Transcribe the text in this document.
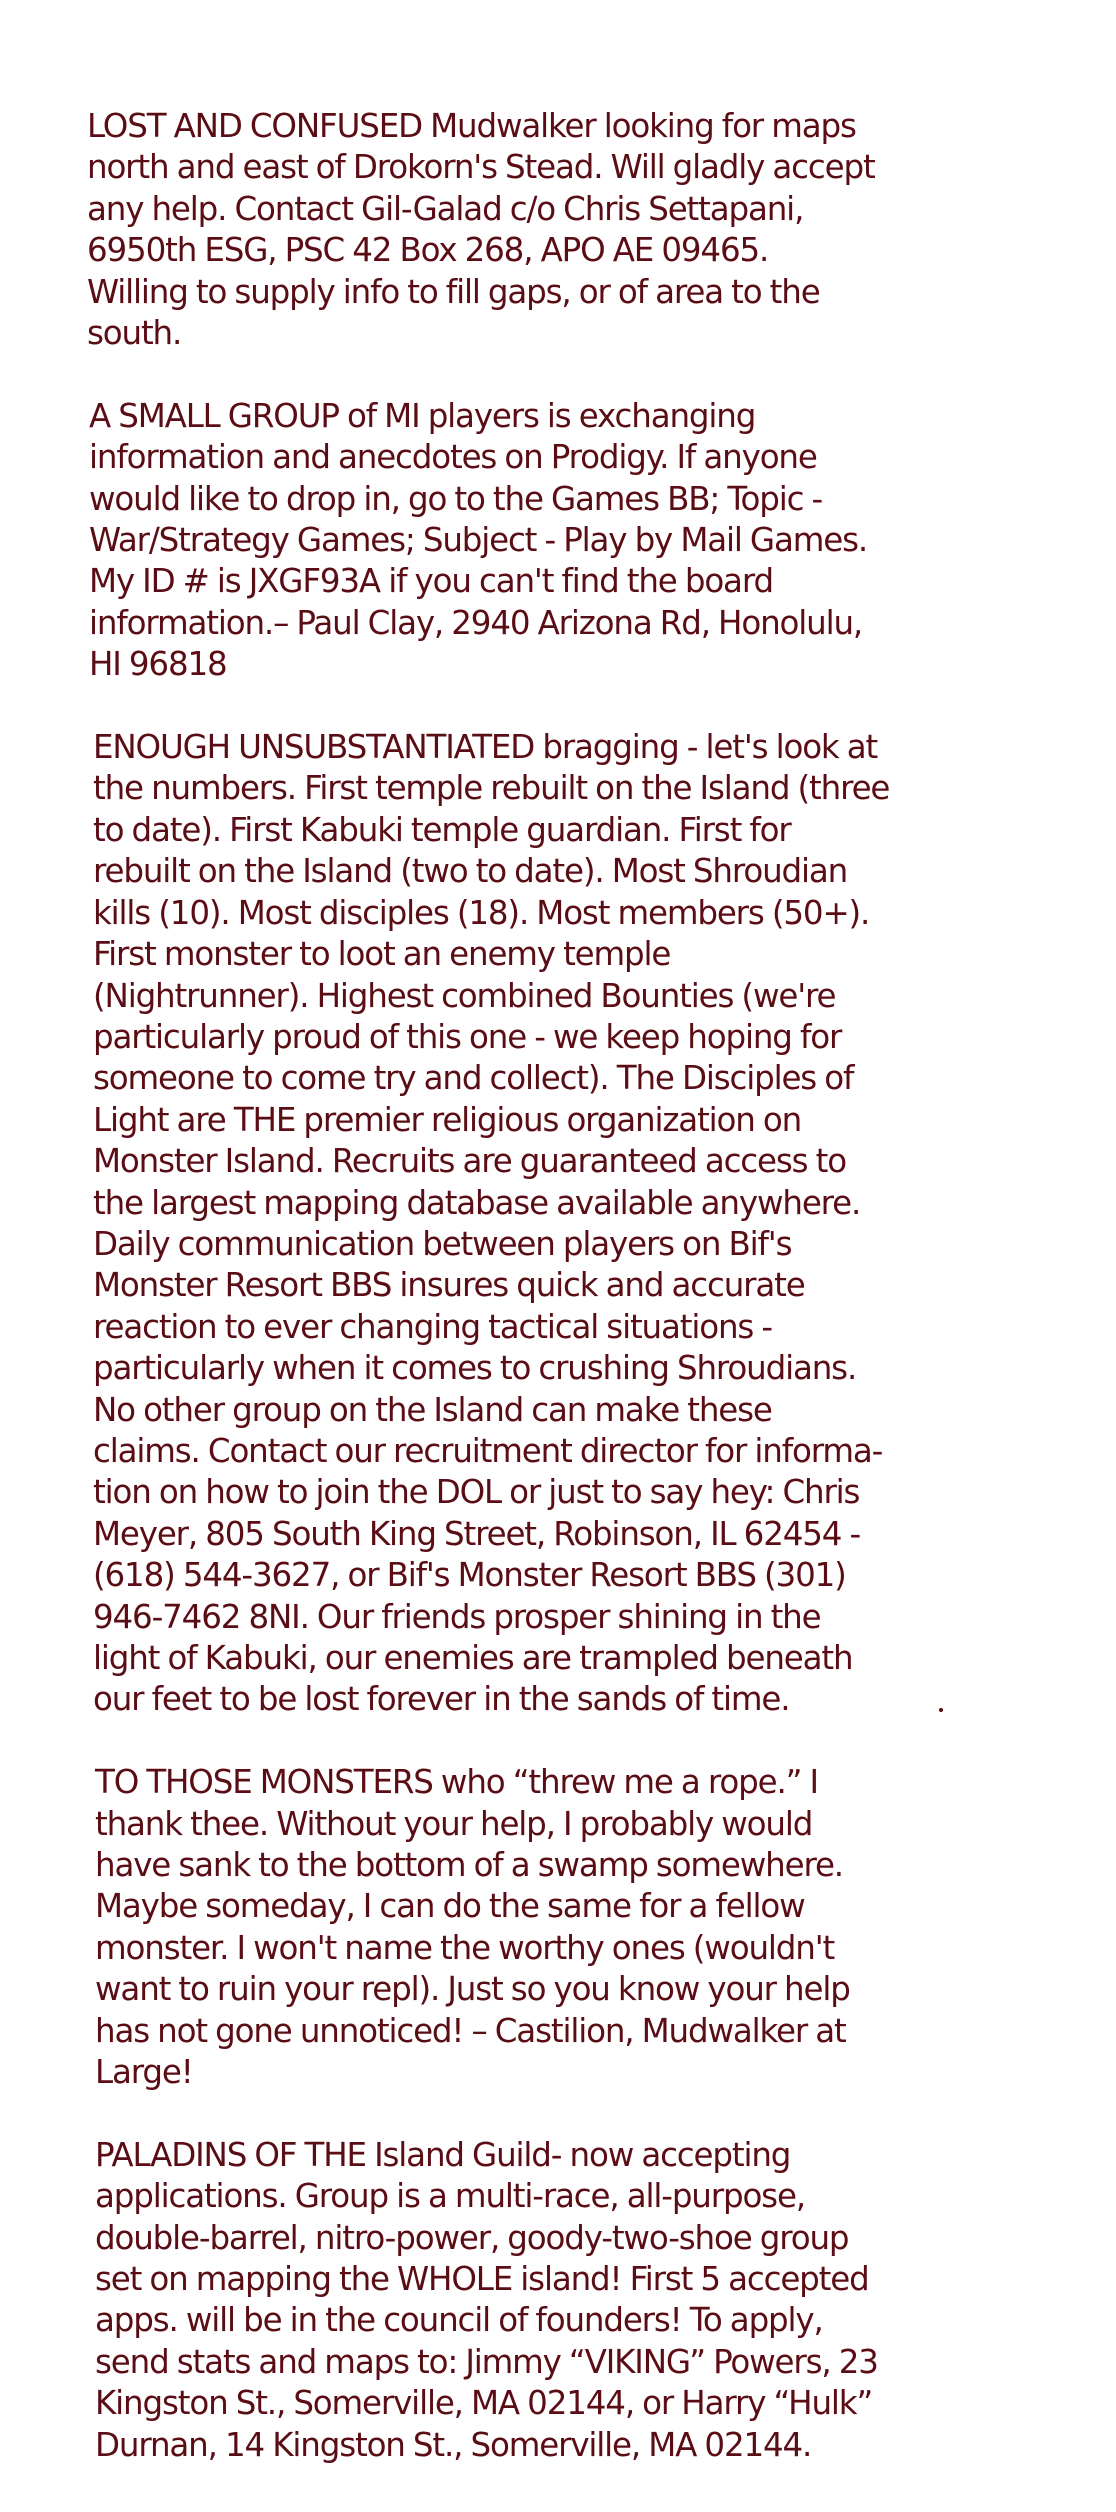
LOST AND CONFUSED Mudwalker looking for maps
north and east of Drokorn's Stead. Will gladly accept
any help. Contact Gil-Galad c/o Chris Settapani,
6950th ESG, PSC 42 Box 268, APO AE 09465.
Willing to supply info to fill gaps, or of area to the
south.
A SMALL GROUP of MI players is exchanging
information and anecdotes on Prodigy. If anyone
would like to drop in, go to the Games BB; Topic -
War/Strategy Games; Subject - Play by Mail Games.
My ID # is JXGF93A if you can't find the board
information.– Paul Clay, 2940 Arizona Rd, Honolulu,
HI 96818
ENOUGH UNSUBSTANTIATED bragging - let's look at
the numbers. First temple rebuilt on the Island (three
to date). First Kabuki temple guardian. First for
rebuilt on the Island (two to date). Most Shroudian
kills (10). Most disciples (18). Most members (50+).
First monster to loot an enemy temple
(Nightrunner). Highest combined Bounties (we're
particularly proud of this one - we keep hoping for
someone to come try and collect). The Disciples of
Light are THE premier religious organization on
Monster Island. Recruits are guaranteed access to
the largest mapping database available anywhere.
Daily communication between players on Bif's
Monster Resort BBS insures quick and accurate
reaction to ever changing tactical situations -
particularly when it comes to crushing Shroudians.
No other group on the Island can make these
claims. Contact our recruitment director for informa-
tion on how to join the DOL or just to say hey: Chris
Meyer, 805 South King Street, Robinson, IL 62454 -
(618) 544-3627, or Bif's Monster Resort BBS (301)
946-7462 8NI. Our friends prosper shining in the
light of Kabuki, our enemies are trampled beneath
our feet to be lost forever in the sands of time.
TO THOSE MONSTERS who “threw me a rope.” I
thank thee. Without your help, I probably would
have sank to the bottom of a swamp somewhere.
Maybe someday, I can do the same for a fellow
monster. I won't name the worthy ones (wouldn't
want to ruin your repl). Just so you know your help
has not gone unnoticed! – Castilion, Mudwalker at
Large!
PALADINS OF THE Island Guild- now accepting
applications. Group is a multi-race, all-purpose,
double-barrel, nitro-power, goody-two-shoe group
set on mapping the WHOLE island! First 5 accepted
apps. will be in the council of founders! To apply,
send stats and maps to: Jimmy “VIKING” Powers, 23
Kingston St., Somerville, MA 02144, or Harry “Hulk”
Durnan, 14 Kingston St., Somerville, MA 02144.
